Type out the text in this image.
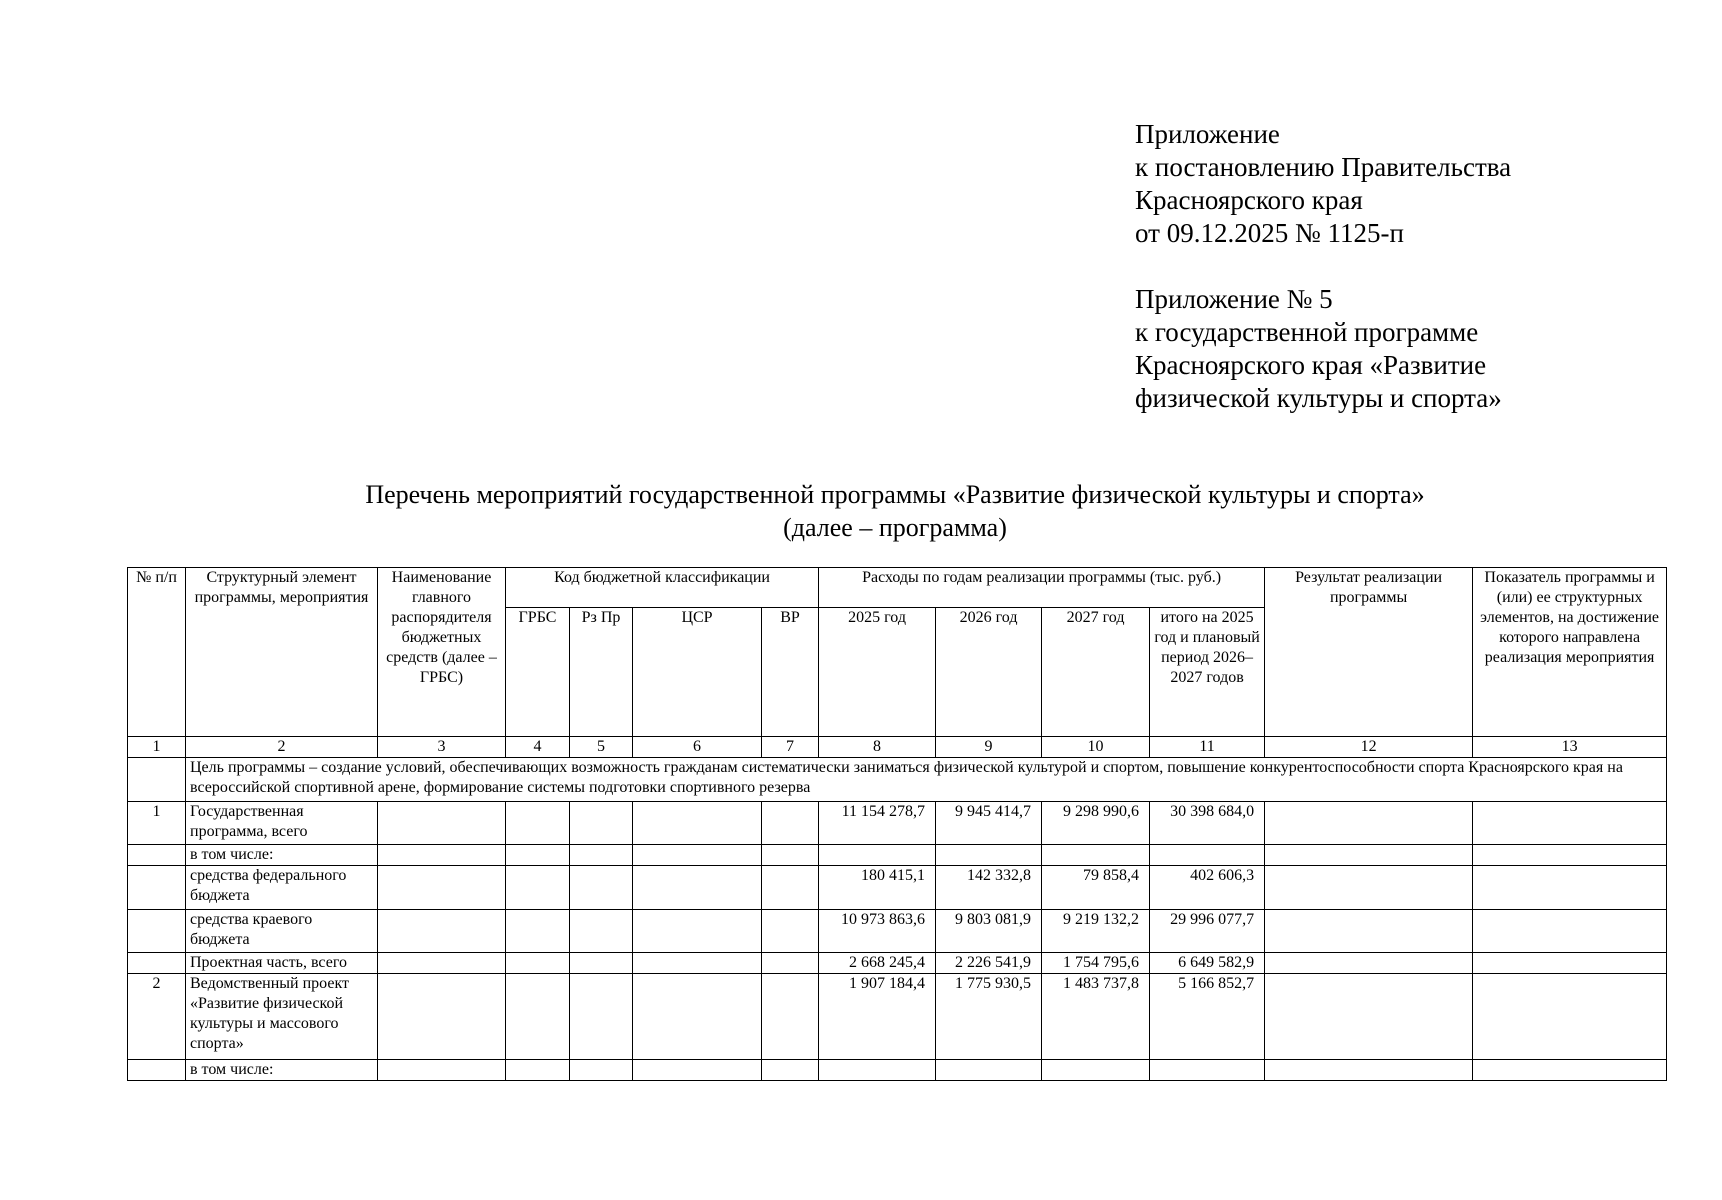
Приложение
к постановлению Правительства
Красноярского края
от 09.12.2025 № 1125-п
Приложение № 5
к государственной программе
Красноярского края «Развитие
физической культуры и спорта»
Перечень мероприятий государственной программы «Развитие физической культуры и спорта»
(далее – программа)
№ п/п	Структурный элемент программы, мероприятия	Наименование главного распорядителя бюджетных средств (далее – ГРБС)	Код бюджетной классификации				Расходы по годам реализации программы (тыс. руб.)				Результат реализации программы	Показатель программы и (или) ее структурных элементов, на достижение которого направлена реализация мероприятия
			ГРБС	Рз Пр	ЦСР	ВР	2025 год	2026 год	2027 год	итого на 2025 год и плановый период 2026–2027 годов		
1	2	3	4	5	6	7	8	9	10	11	12	13
	Цель программы – создание условий, обеспечивающих возможность гражданам систематически заниматься физической культурой и спортом, повышение конкурентоспособности спорта Красноярского края на всероссийской спортивной арене, формирование системы подготовки спортивного резерва											
1	Государственная программа, всего						11 154 278,7	9 945 414,7	9 298 990,6	30 398 684,0		
	в том числе:											
	средства федерального бюджета						180 415,1	142 332,8	79 858,4	402 606,3		
	средства краевого бюджета						10 973 863,6	9 803 081,9	9 219 132,2	29 996 077,7		
	Проектная часть, всего						2 668 245,4	2 226 541,9	1 754 795,6	6 649 582,9		
2	Ведомственный проект «Развитие физической культуры и массового спорта»						1 907 184,4	1 775 930,5	1 483 737,8	5 166 852,7		
	в том числе:											
